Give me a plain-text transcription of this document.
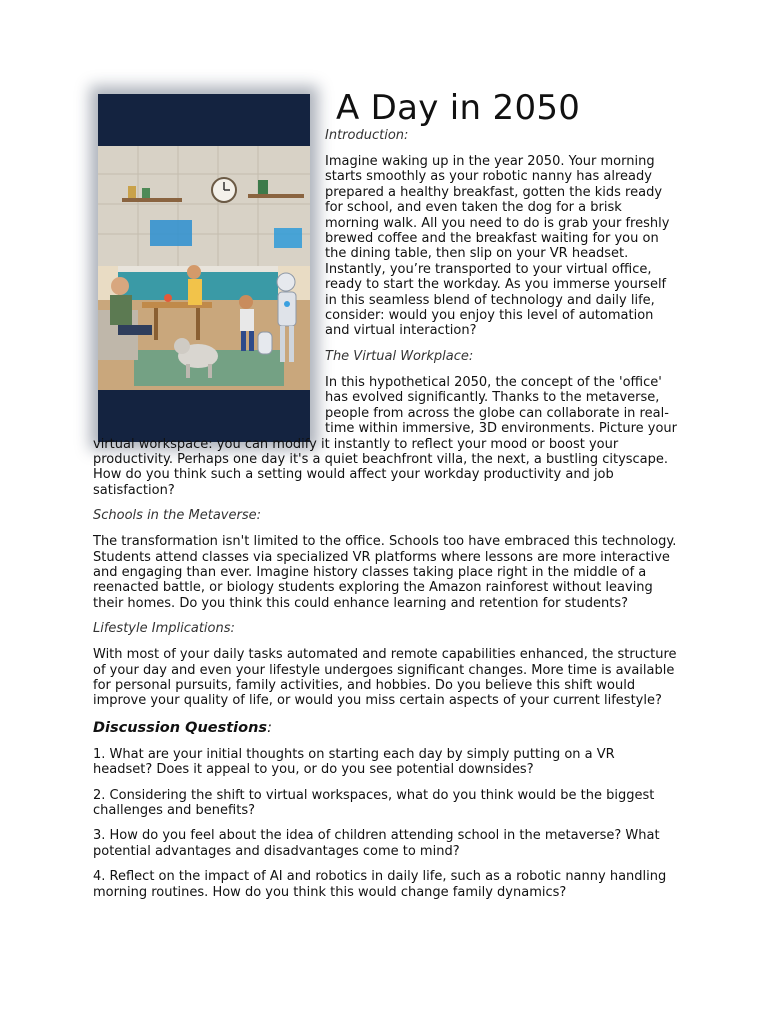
A Day in 2050

Introduction:

Imagine waking up in the year 2050. Your morning starts smoothly as your robotic nanny has already prepared a healthy breakfast, gotten the kids ready for school, and even taken the dog for a brisk morning walk. All you need to do is grab your freshly brewed coffee and the breakfast waiting for you on the dining table, then slip on your VR headset. Instantly, you’re transported to your virtual office, ready to start the workday. As you immerse yourself in this seamless blend of technology and daily life, consider: would you enjoy this level of automation and virtual interaction?

The Virtual Workplace:

In this hypothetical 2050, the concept of the 'office' has evolved significantly. Thanks to the metaverse, people from across the globe can collaborate in real-time within immersive, 3D environments. Picture your virtual workspace: you can modify it instantly to reflect your mood or boost your productivity. Perhaps one day it's a quiet beachfront villa, the next, a bustling cityscape. How do you think such a setting would affect your workday productivity and job satisfaction?

Schools in the Metaverse:

The transformation isn't limited to the office. Schools too have embraced this technology. Students attend classes via specialized VR platforms where lessons are more interactive and engaging than ever. Imagine history classes taking place right in the middle of a reenacted battle, or biology students exploring the Amazon rainforest without leaving their homes. Do you think this could enhance learning and retention for students?

Lifestyle Implications:

With most of your daily tasks automated and remote capabilities enhanced, the structure of your day and even your lifestyle undergoes significant changes. More time is available for personal pursuits, family activities, and hobbies. Do you believe this shift would improve your quality of life, or would you miss certain aspects of your current lifestyle?

Discussion Questions:

1. What are your initial thoughts on starting each day by simply putting on a VR headset? Does it appeal to you, or do you see potential downsides?

2. Considering the shift to virtual workspaces, what do you think would be the biggest challenges and benefits?

3. How do you feel about the idea of children attending school in the metaverse? What potential advantages and disadvantages come to mind?

4. Reflect on the impact of AI and robotics in daily life, such as a robotic nanny handling morning routines. How do you think this would change family dynamics?
